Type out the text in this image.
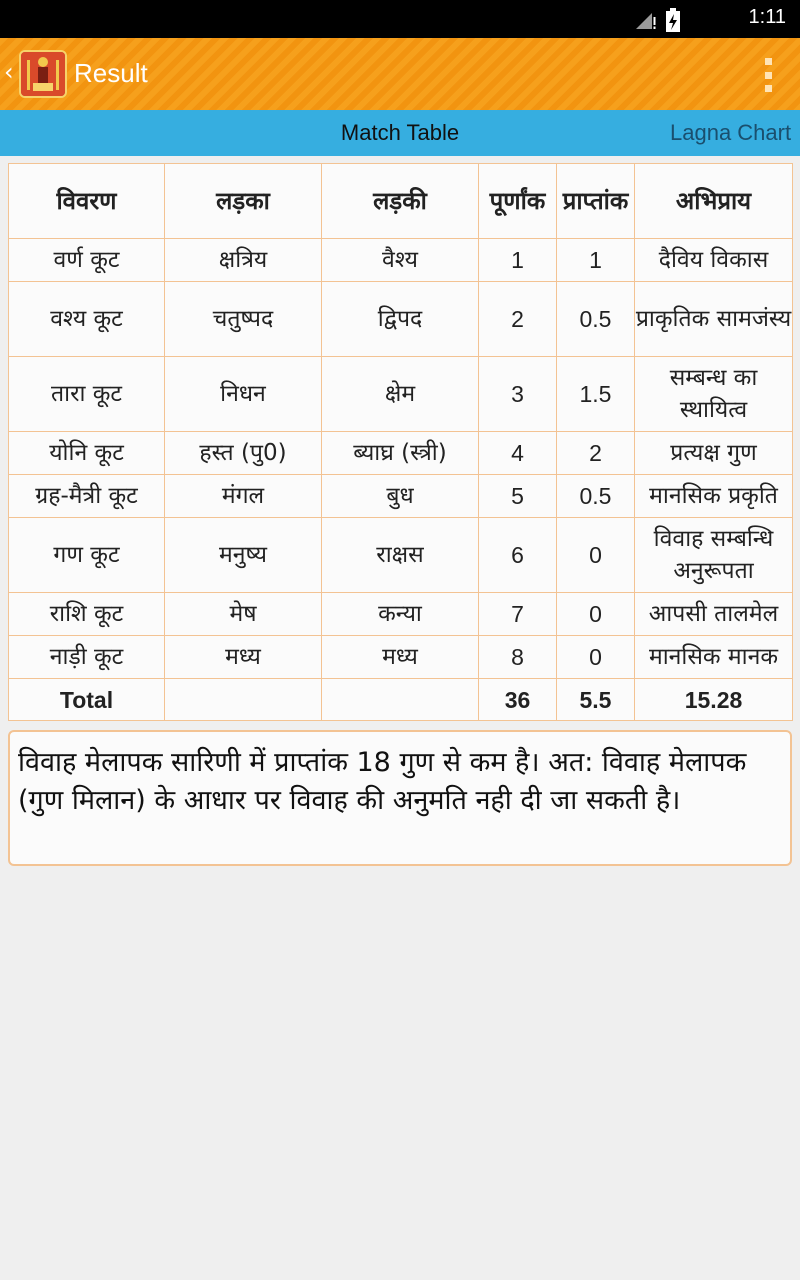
1:11
‹ Result
Match Table	Lagna Chart
विवरण	लड़का	लड़की	पूर्णांक	प्राप्तांक	अभिप्राय
वर्ण कूट	क्षत्रिय	वैश्य	1	1	दैविय विकास
वश्य कूट	चतुष्पद	द्विपद	2	0.5	प्राकृतिक सामजंस्य
तारा कूट	निधन	क्षेम	3	1.5	सम्बन्ध का स्थायित्व
योनि कूट	हस्त (पु0)	ब्याघ्र (स्त्री)	4	2	प्रत्यक्ष गुण
ग्रह-मैत्री कूट	मंगल	बुध	5	0.5	मानसिक प्रकृति
गण कूट	मनुष्य	राक्षस	6	0	विवाह सम्बन्धि अनुरूपता
राशि कूट	मेष	कन्या	7	0	आपसी तालमेल
नाड़ी कूट	मध्य	मध्य	8	0	मानसिक मानक
Total			36	5.5	15.28
विवाह मेलापक सारिणी में प्राप्तांक 18 गुण से कम है। अत: विवाह मेलापक (गुण मिलान) के आधार पर विवाह की अनुमति नही दी जा सकती है।
